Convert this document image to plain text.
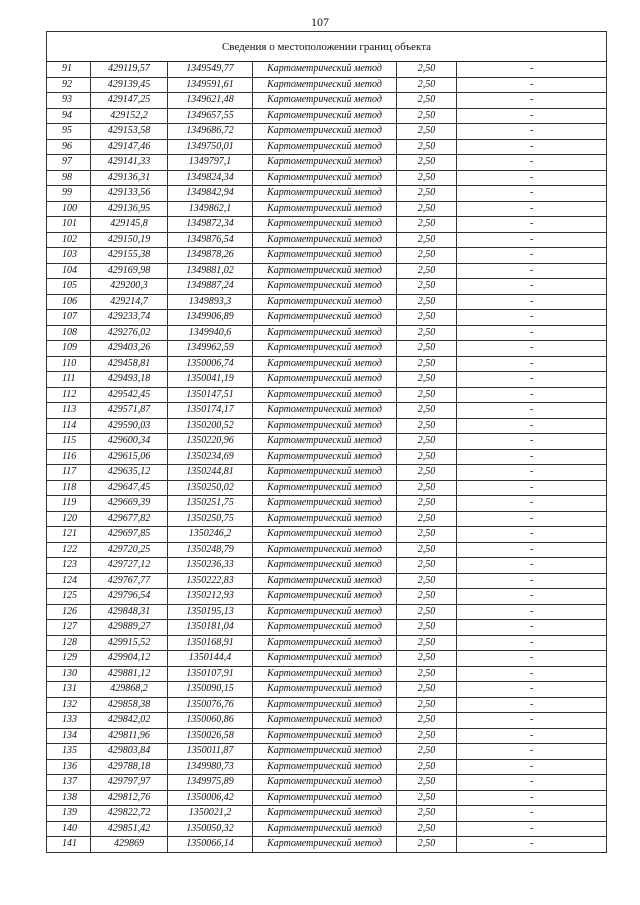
107
Сведения о местоположении границ объекта					
91	429119,57	1349549,77	Картометрический метод	2,50	-
92	429139,45	1349591,61	Картометрический метод	2,50	-
93	429147,25	1349621,48	Картометрический метод	2,50	-
94	429152,2	1349657,55	Картометрический метод	2,50	-
95	429153,58	1349686,72	Картометрический метод	2,50	-
96	429147,46	1349750,01	Картометрический метод	2,50	-
97	429141,33	1349797,1	Картометрический метод	2,50	-
98	429136,31	1349824,34	Картометрический метод	2,50	-
99	429133,56	1349842,94	Картометрический метод	2,50	-
100	429136,95	1349862,1	Картометрический метод	2,50	-
101	429145,8	1349872,34	Картометрический метод	2,50	-
102	429150,19	1349876,54	Картометрический метод	2,50	-
103	429155,38	1349878,26	Картометрический метод	2,50	-
104	429169,98	1349881,02	Картометрический метод	2,50	-
105	429200,3	1349887,24	Картометрический метод	2,50	-
106	429214,7	1349893,3	Картометрический метод	2,50	-
107	429233,74	1349906,89	Картометрический метод	2,50	-
108	429276,02	1349940,6	Картометрический метод	2,50	-
109	429403,26	1349962,59	Картометрический метод	2,50	-
110	429458,81	1350006,74	Картометрический метод	2,50	-
111	429493,18	1350041,19	Картометрический метод	2,50	-
112	429542,45	1350147,51	Картометрический метод	2,50	-
113	429571,87	1350174,17	Картометрический метод	2,50	-
114	429590,03	1350200,52	Картометрический метод	2,50	-
115	429600,34	1350220,96	Картометрический метод	2,50	-
116	429615,06	1350234,69	Картометрический метод	2,50	-
117	429635,12	1350244,81	Картометрический метод	2,50	-
118	429647,45	1350250,02	Картометрический метод	2,50	-
119	429669,39	1350251,75	Картометрический метод	2,50	-
120	429677,82	1350250,75	Картометрический метод	2,50	-
121	429697,85	1350246,2	Картометрический метод	2,50	-
122	429720,25	1350248,79	Картометрический метод	2,50	-
123	429727,12	1350236,33	Картометрический метод	2,50	-
124	429767,77	1350222,83	Картометрический метод	2,50	-
125	429796,54	1350212,93	Картометрический метод	2,50	-
126	429848,31	1350195,13	Картометрический метод	2,50	-
127	429889,27	1350181,04	Картометрический метод	2,50	-
128	429915,52	1350168,91	Картометрический метод	2,50	-
129	429904,12	1350144,4	Картометрический метод	2,50	-
130	429881,12	1350107,91	Картометрический метод	2,50	-
131	429868,2	1350090,15	Картометрический метод	2,50	-
132	429858,38	1350076,76	Картометрический метод	2,50	-
133	429842,02	1350060,86	Картометрический метод	2,50	-
134	429811,96	1350026,58	Картометрический метод	2,50	-
135	429803,84	1350011,87	Картометрический метод	2,50	-
136	429788,18	1349980,73	Картометрический метод	2,50	-
137	429797,97	1349975,89	Картометрический метод	2,50	-
138	429812,76	1350006,42	Картометрический метод	2,50	-
139	429822,72	1350021,2	Картометрический метод	2,50	-
140	429851,42	1350050,32	Картометрический метод	2,50	-
141	429869	1350066,14	Картометрический метод	2,50	-
